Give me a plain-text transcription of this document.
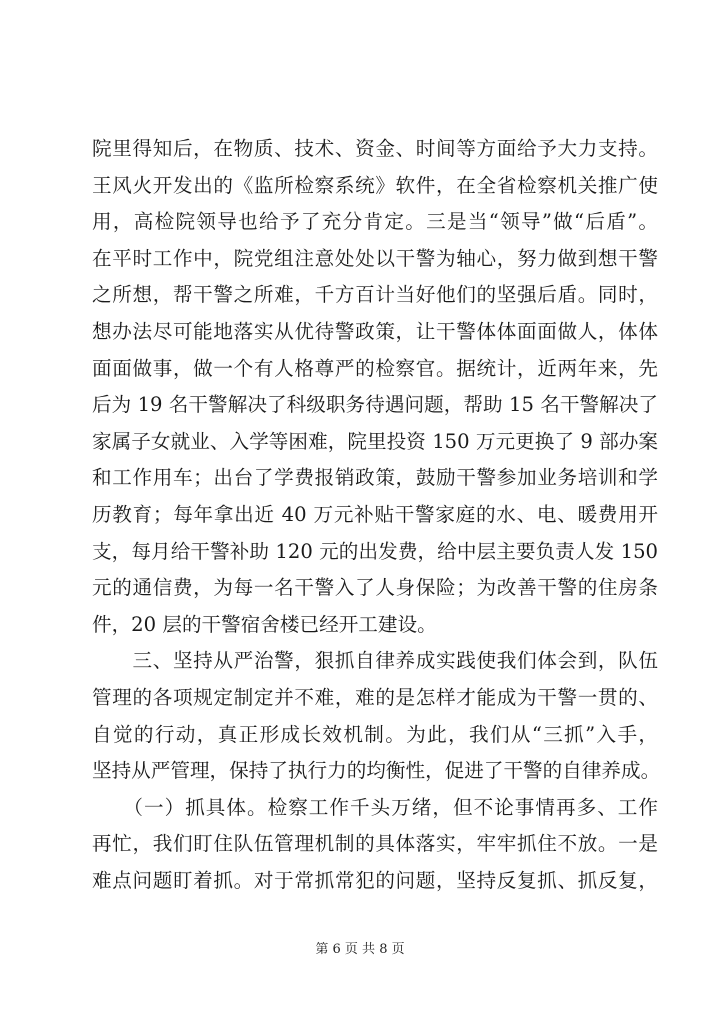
院里得知后，在物质、技术、资金、时间等方面给予大力支持。
王风火开发出的《监所检察系统》软件，在全省检察机关推广使
用，高检院领导也给予了充分肯定。三是当“领导”做“后盾”。
在平时工作中，院党组注意处处以干警为轴心，努力做到想干警
之所想，帮干警之所难，千方百计当好他们的坚强后盾。同时，
想办法尽可能地落实从优待警政策，让干警体体面面做人，体体
面面做事，做一个有人格尊严的检察官。据统计，近两年来，先
后为 19 名干警解决了科级职务待遇问题，帮助 15 名干警解决了
家属子女就业、入学等困难，院里投资 150 万元更换了 9 部办案
和工作用车；出台了学费报销政策，鼓励干警参加业务培训和学
历教育；每年拿出近 40 万元补贴干警家庭的水、电、暖费用开
支，每月给干警补助 120 元的出发费，给中层主要负责人发 150
元的通信费，为每一名干警入了人身保险；为改善干警的住房条
件，20 层的干警宿舍楼已经开工建设。
　　三、坚持从严治警，狠抓自律养成实践使我们体会到，队伍
管理的各项规定制定并不难，难的是怎样才能成为干警一贯的、
自觉的行动，真正形成长效机制。为此，我们从“三抓”入手，
坚持从严管理，保持了执行力的均衡性，促进了干警的自律养成。
　　（一）抓具体。检察工作千头万绪，但不论事情再多、工作
再忙，我们盯住队伍管理机制的具体落实，牢牢抓住不放。一是
难点问题盯着抓。对于常抓常犯的问题，坚持反复抓、抓反复，
第 6 页 共 8 页
